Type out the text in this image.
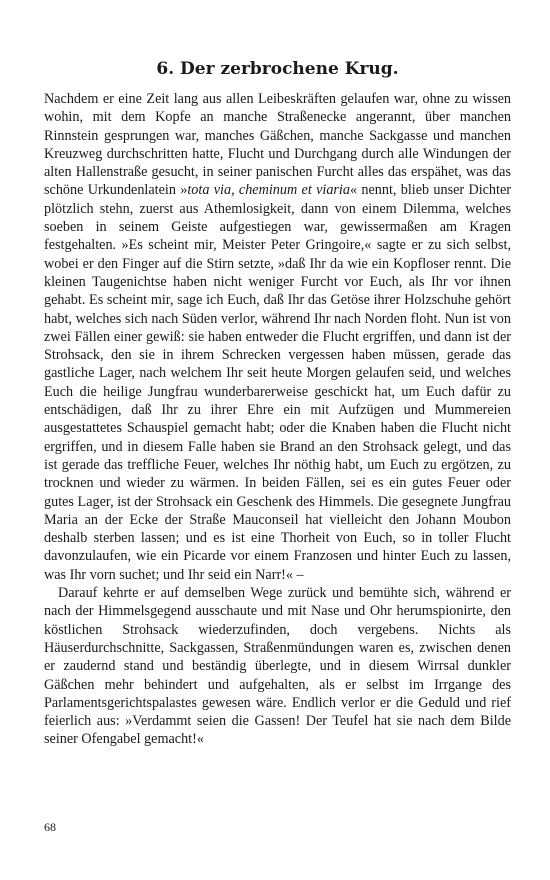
6. Der zerbrochene Krug.

Nachdem er eine Zeit lang aus allen Leibeskräften gelaufen war, ohne zu wissen wohin, mit dem Kopfe an manche Straßenecke angerannt, über manchen Rinnstein gesprungen war, manches Gäßchen, manche Sackgasse und manchen Kreuzweg durchschritten hatte, Flucht und Durchgang durch alle Windungen der alten Hallenstraße gesucht, in seiner panischen Furcht alles das erspähet, was das schöne Urkundenlatein »tota via, cheminum et viaria« nennt, blieb unser Dichter plötzlich stehn, zuerst aus Athemlosigkeit, dann von einem Dilemma, welches soeben in seinem Geiste aufgestiegen war, gewissermaßen am Kragen festgehalten. »Es scheint mir, Meister Peter Gringoire,« sagte er zu sich selbst, wobei er den Finger auf die Stirn setzte, »daß Ihr da wie ein Kopfloser rennt. Die kleinen Taugenichtse haben nicht weniger Furcht vor Euch, als Ihr vor ihnen gehabt. Es scheint mir, sage ich Euch, daß Ihr das Getöse ihrer Holzschuhe gehört habt, welches sich nach Süden verlor, während Ihr nach Norden floht. Nun ist von zwei Fällen einer gewiß: sie haben entweder die Flucht ergriffen, und dann ist der Strohsack, den sie in ihrem Schrecken vergessen haben müssen, gerade das gastliche Lager, nach welchem Ihr seit heute Morgen gelaufen seid, und welches Euch die heilige Jungfrau wunderbarerweise geschickt hat, um Euch dafür zu entschädigen, daß Ihr zu ihrer Ehre ein mit Aufzügen und Mummereien ausgestattetes Schauspiel gemacht habt; oder die Knaben haben die Flucht nicht ergriffen, und in diesem Falle haben sie Brand an den Strohsack gelegt, und das ist gerade das treffliche Feuer, welches Ihr nöthig habt, um Euch zu ergötzen, zu trocknen und wieder zu wärmen. In beiden Fällen, sei es ein gutes Feuer oder gutes Lager, ist der Strohsack ein Geschenk des Himmels. Die gesegnete Jungfrau Maria an der Ecke der Straße Mauconseil hat vielleicht den Johann Moubon deshalb sterben lassen; und es ist eine Thorheit von Euch, so in toller Flucht davonzulaufen, wie ein Picarde vor einem Franzosen und hinter Euch zu lassen, was Ihr vorn suchet; und Ihr seid ein Narr!« –

Darauf kehrte er auf demselben Wege zurück und bemühte sich, während er nach der Himmelsgegend ausschaute und mit Nase und Ohr herumspionirte, den köstlichen Strohsack wiederzufinden, doch vergebens. Nichts als Häuserdurchschnitte, Sackgassen, Straßenmündungen waren es, zwischen denen er zaudernd stand und beständig überlegte, und in diesem Wirrsal dunkler Gäßchen mehr behindert und aufgehalten, als er selbst im Irrgange des Parlamentsgerichtspalastes gewesen wäre. Endlich verlor er die Geduld und rief feierlich aus: »Verdammt seien die Gassen! Der Teufel hat sie nach dem Bilde seiner Ofengabel gemacht!«

68
